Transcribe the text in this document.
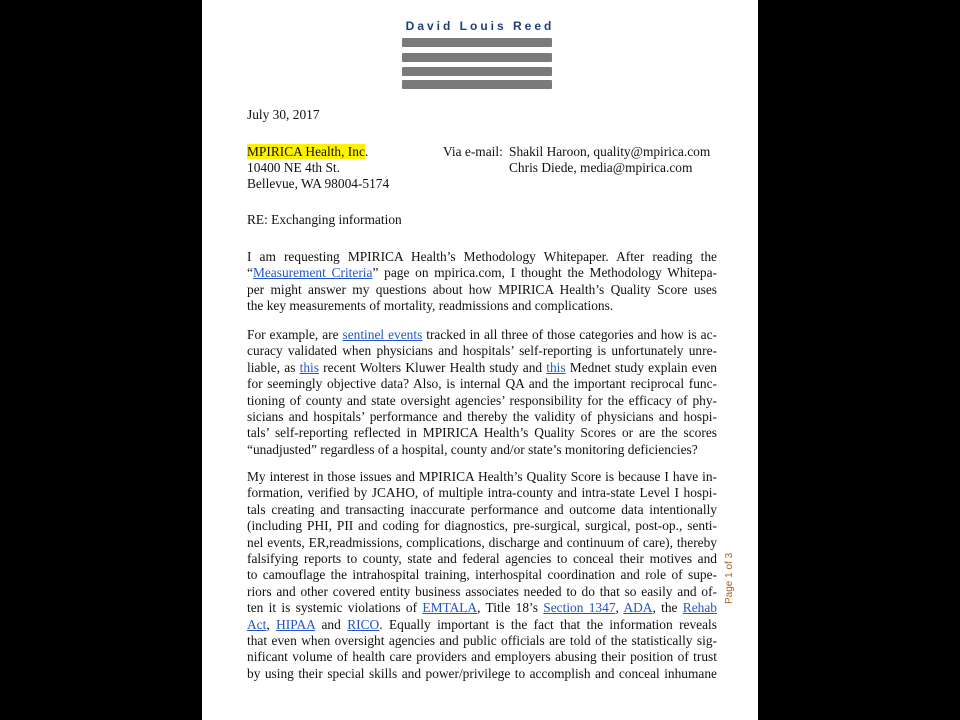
David Louis Reed
July 30, 2017
MPIRICA Health, Inc.
10400 NE 4th St.
Bellevue, WA 98004-5174
Via e-mail: Shakil Haroon, quality@mpirica.com
Chris Diede, media@mpirica.com
RE: Exchanging information
I am requesting MPIRICA Health’s Methodology Whitepaper. After reading the
“Measurement Criteria” page on mpirica.com, I thought the Methodology Whitepa-
per might answer my questions about how MPIRICA Health’s Quality Score uses
the key measurements of mortality, readmissions and complications.
For example, are sentinel events tracked in all three of those categories and how is ac-
curacy validated when physicians and hospitals’ self-reporting is unfortunately unre-
liable, as this recent Wolters Kluwer Health study and this Mednet study explain even
for seemingly objective data? Also, is internal QA and the important reciprocal func-
tioning of county and state oversight agencies’ responsibility for the efficacy of phy-
sicians and hospitals’ performance and thereby the validity of physicians and hospi-
tals’ self-reporting reflected in MPIRICA Health’s Quality Scores or are the scores
“unadjusted” regardless of a hospital, county and/or state’s monitoring deficiencies?
My interest in those issues and MPIRICA Health’s Quality Score is because I have in-
formation, verified by JCAHO, of multiple intra-county and intra-state Level I hospi-
tals creating and transacting inaccurate performance and outcome data intentionally
(including PHI, PII and coding for diagnostics, pre-surgical, surgical, post-op., senti-
nel events, ER,readmissions, complications, discharge and continuum of care), thereby
falsifying reports to county, state and federal agencies to conceal their motives and
to camouflage the intrahospital training, interhospital coordination and role of supe-
riors and other covered entity business associates needed to do that so easily and of-
ten it is systemic violations of EMTALA, Title 18’s Section 1347, ADA, the Rehab
Act, HIPAA and RICO. Equally important is the fact that the information reveals
that even when oversight agencies and public officials are told of the statistically sig-
nificant volume of health care providers and employers abusing their position of trust
by using their special skills and power/privilege to accomplish and conceal inhumane
Page 1 of 3
